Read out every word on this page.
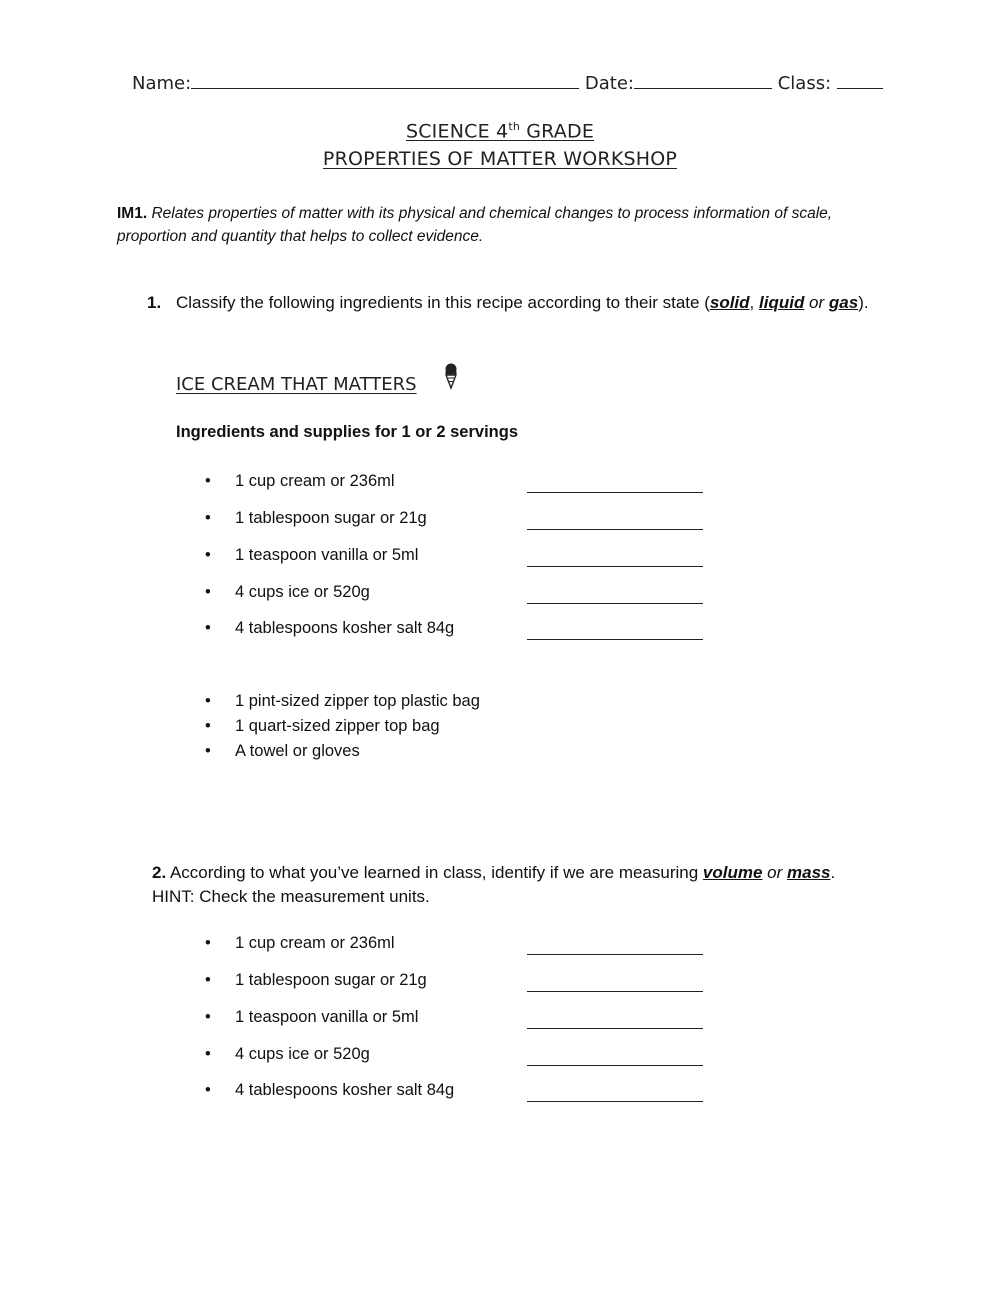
Name:	Date:	Class:
SCIENCE 4th GRADE
PROPERTIES OF MATTER WORKSHOP
IM1. Relates properties of matter with its physical and chemical changes to process information of scale, proportion and quantity that helps to collect evidence.
1. Classify the following ingredients in this recipe according to their state (solid, liquid or gas).
ICE CREAM THAT MATTERS
Ingredients and supplies for 1 or 2 servings
• 1 cup cream or 236ml
• 1 tablespoon sugar or 21g
• 1 teaspoon vanilla or 5ml
• 4 cups ice or 520g
• 4 tablespoons kosher salt 84g
• 1 pint-sized zipper top plastic bag
• 1 quart-sized zipper top bag
• A towel or gloves
2. According to what you’ve learned in class, identify if we are measuring volume or mass.
HINT: Check the measurement units.
• 1 cup cream or 236ml
• 1 tablespoon sugar or 21g
• 1 teaspoon vanilla or 5ml
• 4 cups ice or 520g
• 4 tablespoons kosher salt 84g
